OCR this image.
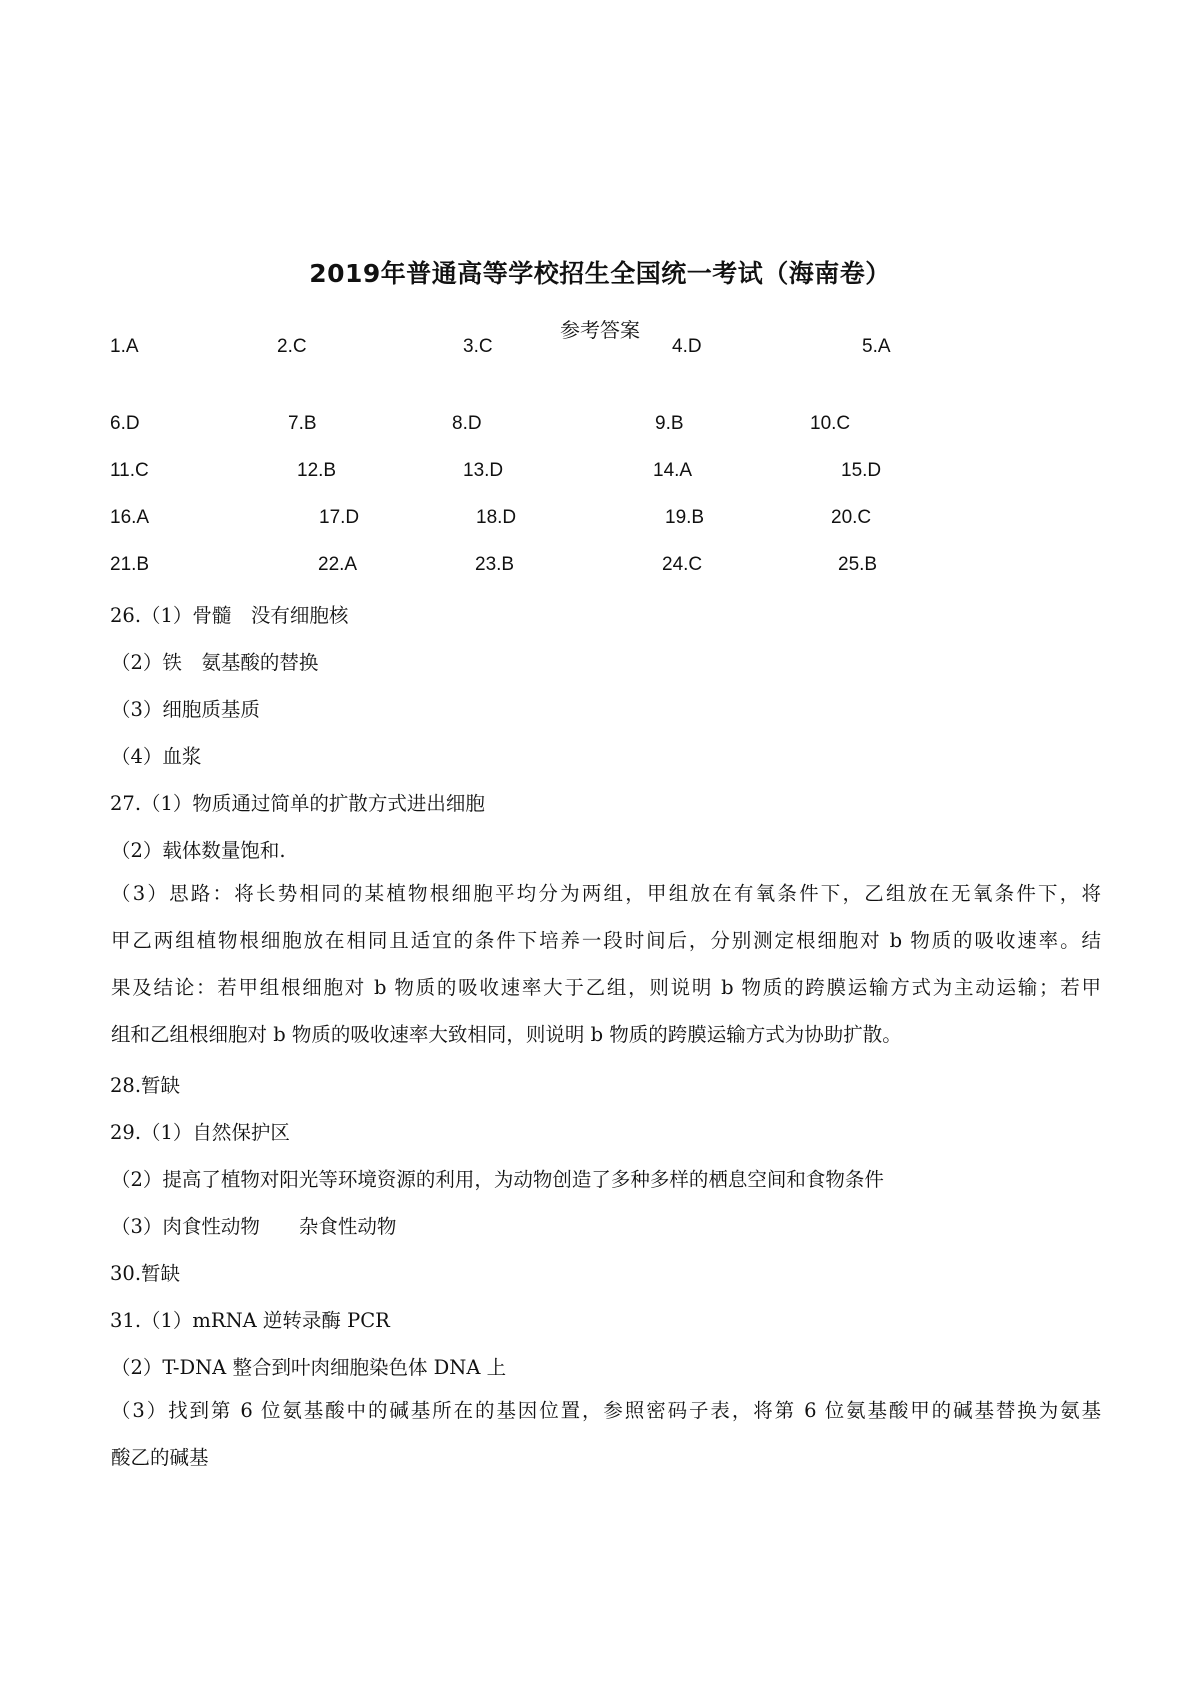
2019年普通高等学校招生全国统一考试（海南卷）
参考答案
1.A	2.C	3.C	4.D	5.A
6.D	7.B	8.D	9.B	10.C
11.C	12.B	13.D	14.A	15.D
16.A	17.D	18.D	19.B	20.C
21.B	22.A	23.B	24.C	25.B
26.（1）骨髓　没有细胞核
（2）铁　氨基酸的替换
（3）细胞质基质
（4）血浆
27.（1）物质通过简单的扩散方式进出细胞
（2）载体数量饱和.
（3）思路：将长势相同的某植物根细胞平均分为两组，甲组放在有氧条件下，乙组放在无氧条件下，将
甲乙两组植物根细胞放在相同且适宜的条件下培养一段时间后，分别测定根细胞对 b 物质的吸收速率。结
果及结论：若甲组根细胞对 b 物质的吸收速率大于乙组，则说明 b 物质的跨膜运输方式为主动运输；若甲
组和乙组根细胞对 b 物质的吸收速率大致相同，则说明 b 物质的跨膜运输方式为协助扩散。
28.暂缺
29.（1）自然保护区
（2）提高了植物对阳光等环境资源的利用，为动物创造了多种多样的栖息空间和食物条件
（3）肉食性动物　　杂食性动物
30.暂缺
31.（1）mRNA 逆转录酶 PCR
（2）T-DNA 整合到叶肉细胞染色体 DNA 上
（3）找到第 6 位氨基酸中的碱基所在的基因位置，参照密码子表，将第 6 位氨基酸甲的碱基替换为氨基
酸乙的碱基
